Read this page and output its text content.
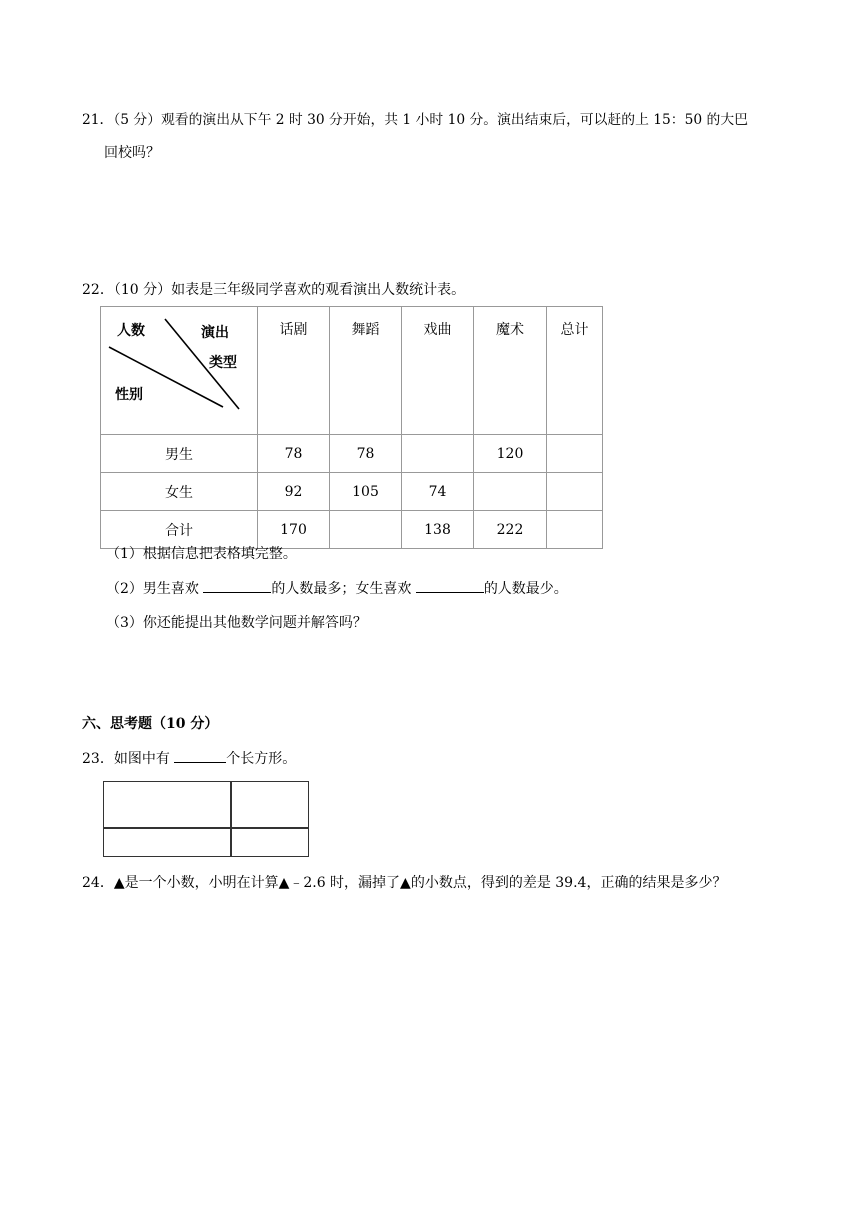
21．（5 分）观看的演出从下午 2 时 30 分开始，共 1 小时 10 分。演出结束后，可以赶的上 15：50 的大巴
回校吗？
22．（10 分）如表是三年级同学喜欢的观看演出人数统计表。
人数 演出
类型
性别	话剧	舞蹈	戏曲	魔术	总计
男生	78	78		120	
女生	92	105	74		
合计	170		138	222	
（1）根据信息把表格填完整。
（2）男生喜欢	的人数最多；女生喜欢	的人数最少。
（3）你还能提出其他数学问题并解答吗？
六、思考题（10 分）
23．如图中有	个长方形。
24．▲是一个小数，小明在计算▲﹣2.6 时，漏掉了▲的小数点，得到的差是 39.4，正确的结果是多少？
